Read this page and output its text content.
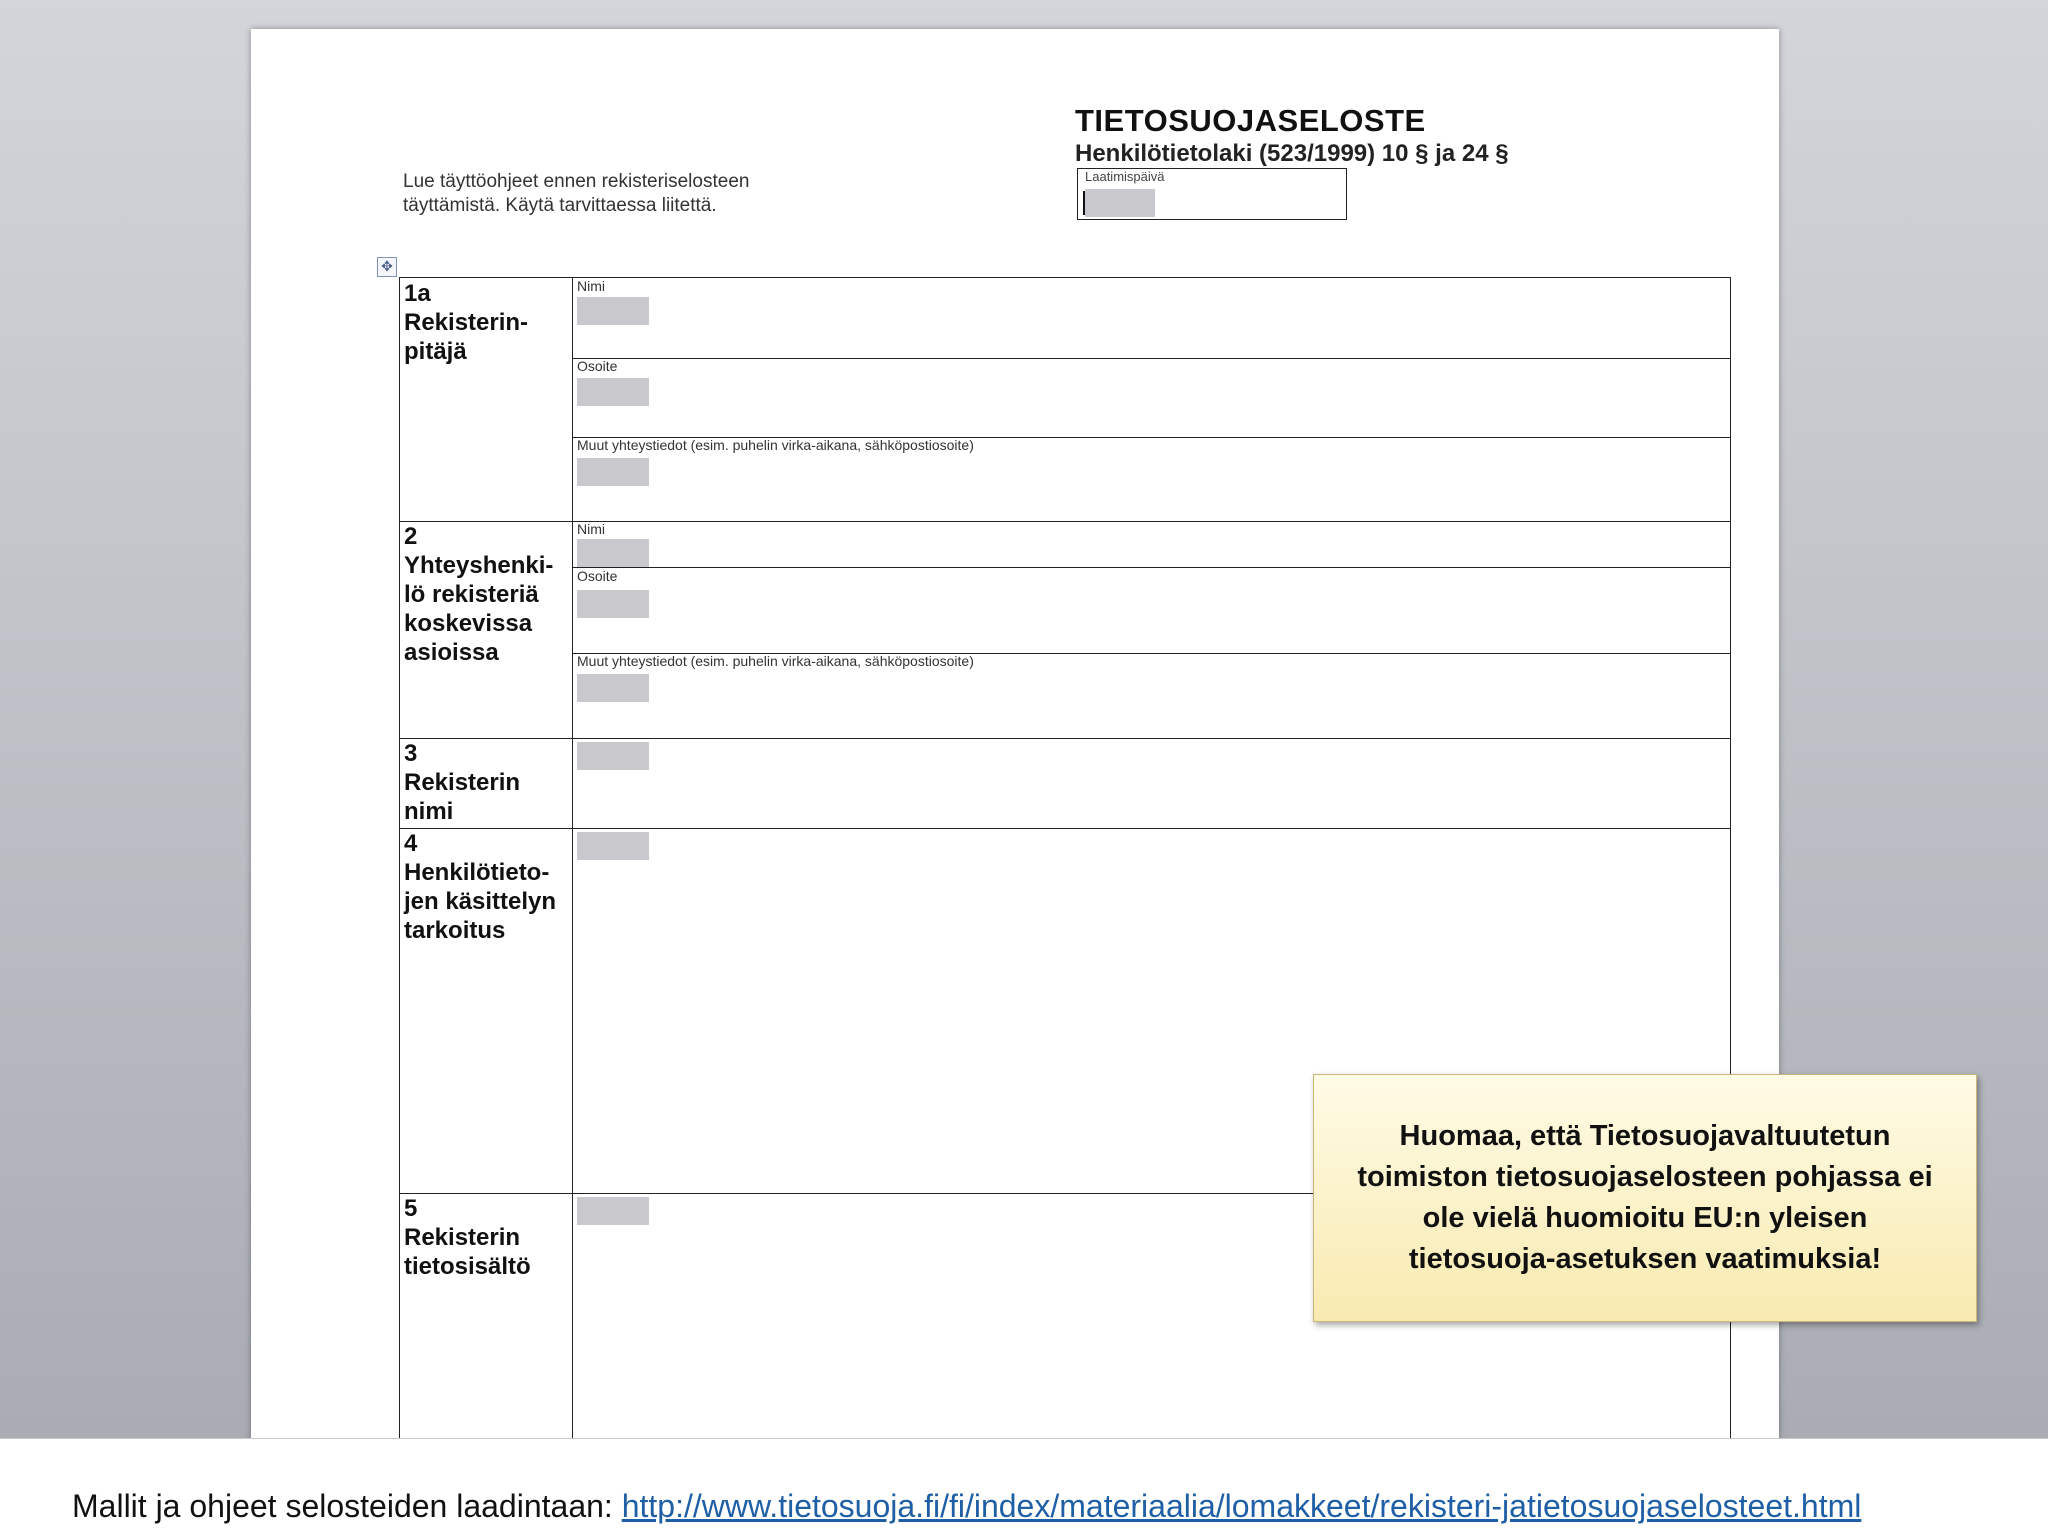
TIETOSUOJASELOSTE
Henkilötietolaki (523/1999) 10 § ja 24 §
Lue täyttöohjeet ennen rekisteriselosteen
täyttämistä. Käytä tarvittaessa liitettä.
Laatimispäivä
✥
1a
Rekisterin-
pitäjä
Nimi
Osoite
Muut yhteystiedot (esim. puhelin virka-aikana, sähköpostiosoite)
2
Yhteyshenki-
lö rekisteriä
koskevissa
asioissa
Nimi
Osoite
Muut yhteystiedot (esim. puhelin virka-aikana, sähköpostiosoite)
3
Rekisterin
nimi
4
Henkilötieto-
jen käsittelyn
tarkoitus
5
Rekisterin
tietosisältö
Huomaa, että Tietosuojavaltuutetun
toimiston tietosuojaselosteen pohjassa ei
ole vielä huomioitu EU:n yleisen
tietosuoja-asetuksen vaatimuksia!
Mallit ja ohjeet selosteiden laadintaan: http://www.tietosuoja.fi/fi/index/materiaalia/lomakkeet/rekisteri-jatietosuojaselosteet.html
